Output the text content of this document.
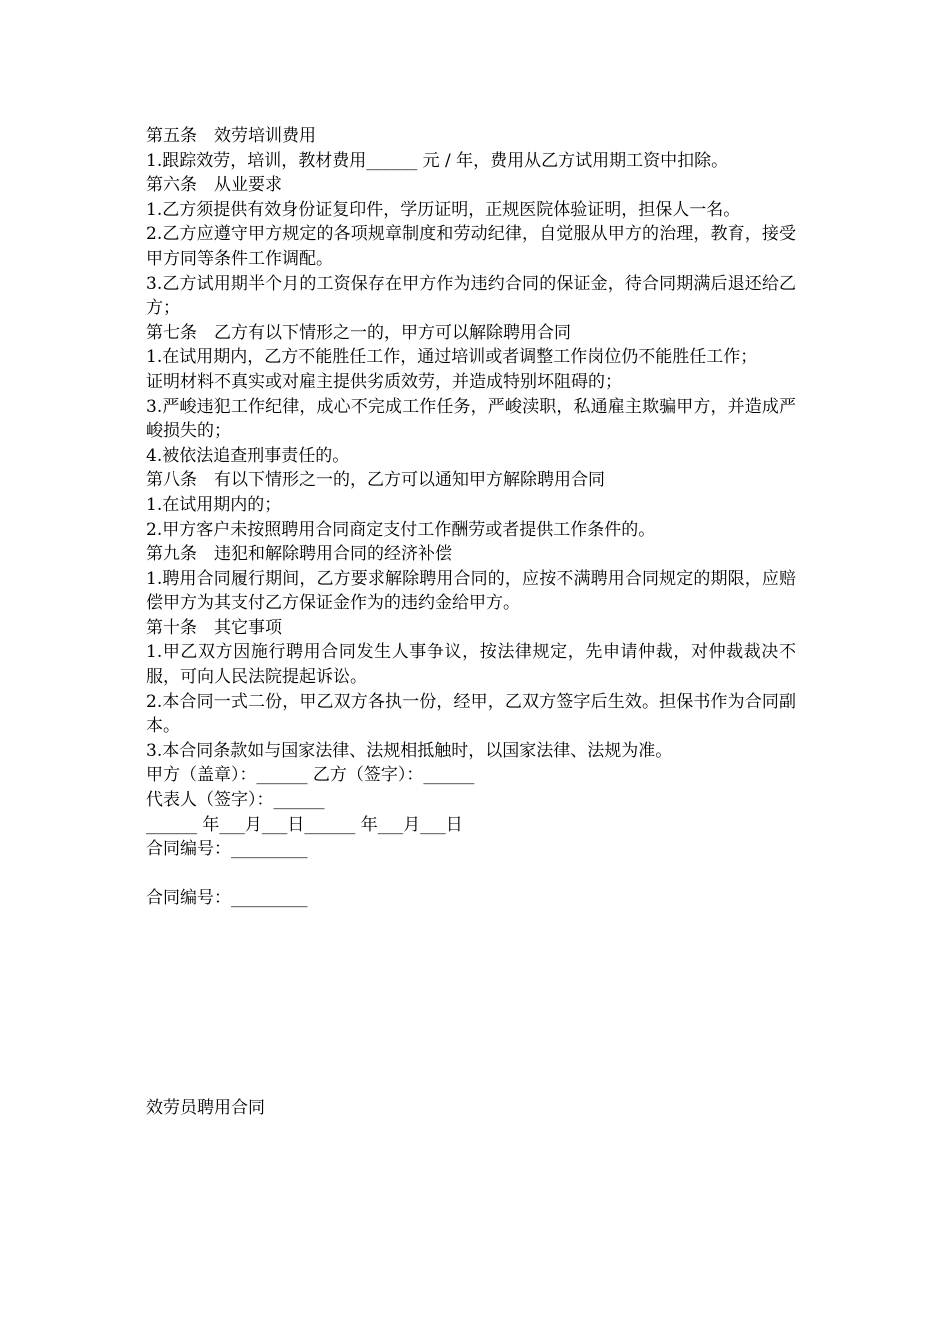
第五条　效劳培训费用

1.跟踪效劳，培训，教材费用______ 元 / 年，费用从乙方试用期工资中扣除。

第六条　从业要求

1.乙方须提供有效身份证复印件，学历证明，正规医院体验证明，担保人一名。

2.乙方应遵守甲方规定的各项规章制度和劳动纪律，自觉服从甲方的治理，教育，接受甲方同等条件工作调配。

3.乙方试用期半个月的工资保存在甲方作为违约合同的保证金，待合同期满后退还给乙方；

第七条　乙方有以下情形之一的，甲方可以解除聘用合同

1.在试用期内，乙方不能胜任工作，通过培训或者调整工作岗位仍不能胜任工作；

证明材料不真实或对雇主提供劣质效劳，并造成特别坏阻碍的；

3.严峻违犯工作纪律，成心不完成工作任务，严峻渎职，私通雇主欺骗甲方，并造成严峻损失的；

4.被依法追查刑事责任的。

第八条　有以下情形之一的，乙方可以通知甲方解除聘用合同

1.在试用期内的；

2.甲方客户未按照聘用合同商定支付工作酬劳或者提供工作条件的。

第九条　违犯和解除聘用合同的经济补偿

1.聘用合同履行期间，乙方要求解除聘用合同的，应按不满聘用合同规定的期限，应赔偿甲方为其支付乙方保证金作为的违约金给甲方。

第十条　其它事项

1.甲乙双方因施行聘用合同发生人事争议，按法律规定，先申请仲裁，对仲裁裁决不服，可向人民法院提起诉讼。

2.本合同一式二份，甲乙双方各执一份，经甲，乙双方签字后生效。担保书作为合同副本。

3.本合同条款如与国家法律、法规相抵触时，以国家法律、法规为准。

甲方（盖章）：______ 乙方（签字）：______

代表人（签字）：______

______ 年___月___日______ 年___月___日

合同编号：_________

合同编号：_________

效劳员聘用合同
